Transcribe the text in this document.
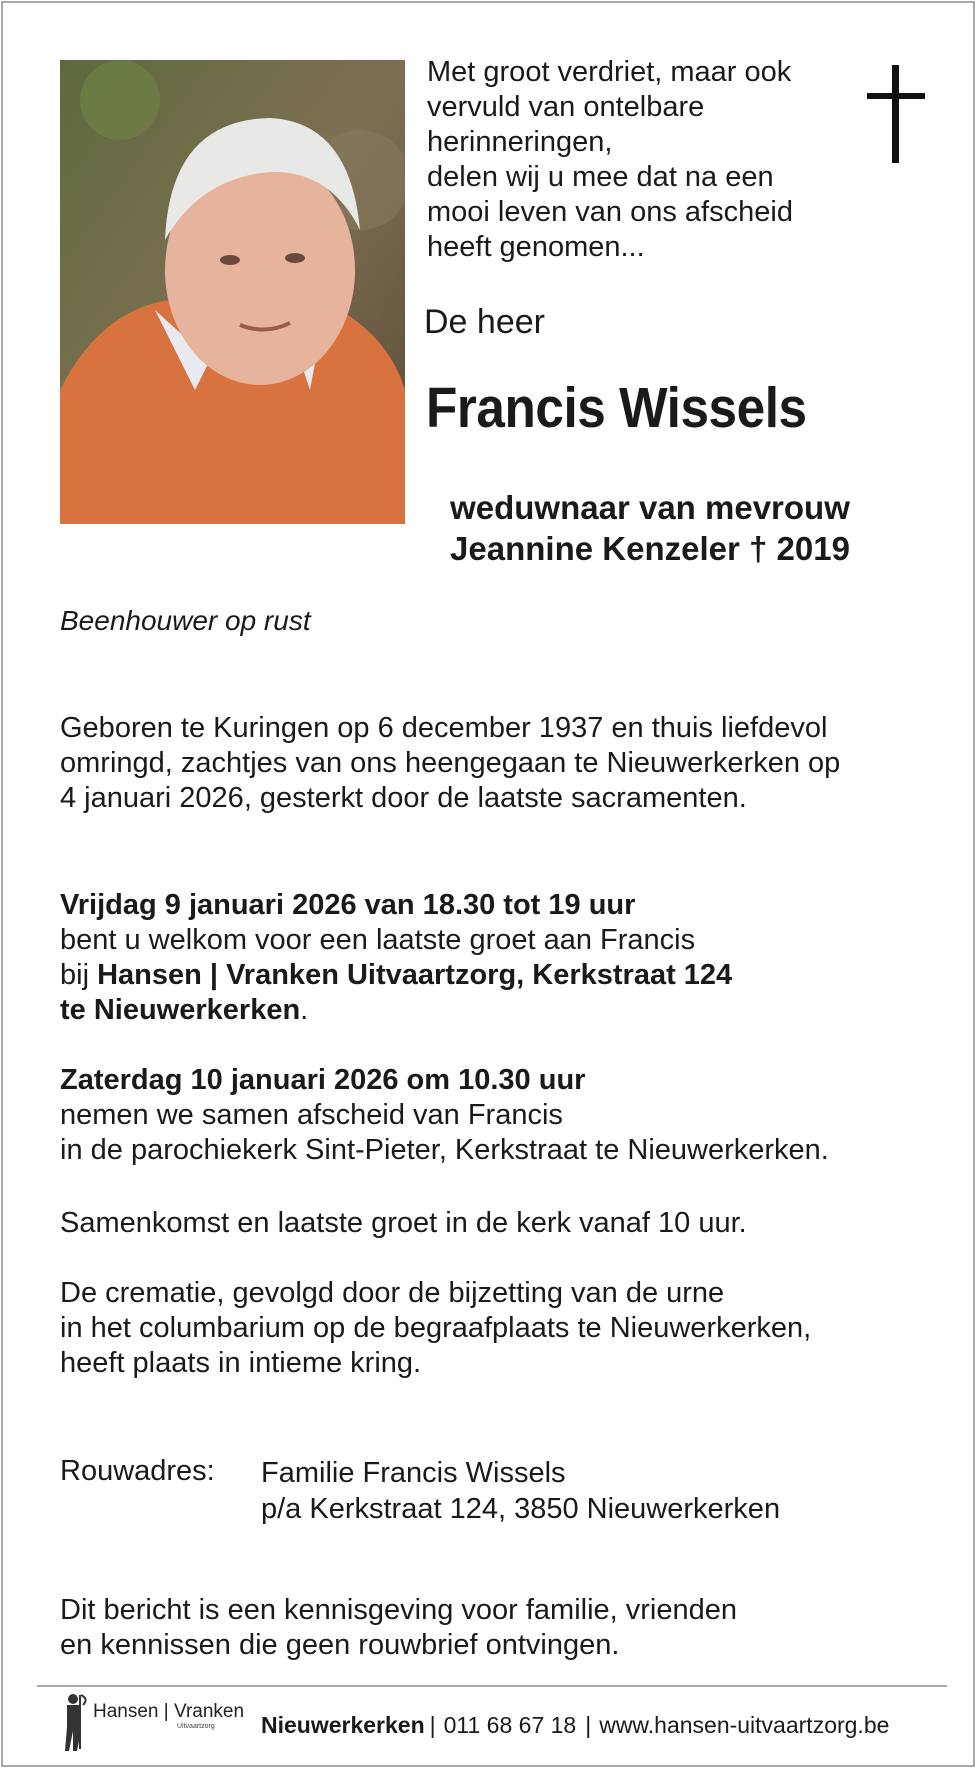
Met groot verdriet, maar ook
vervuld van ontelbare
herinneringen,
delen wij u mee dat na een
mooi leven van ons afscheid
heeft genomen...

De heer

Francis Wissels

weduwnaar van mevrouw
Jeannine Kenzeler † 2019

Beenhouwer op rust

Geboren te Kuringen op 6 december 1937 en thuis liefdevol
omringd, zachtjes van ons heengegaan te Nieuwerkerken op
4 januari 2026, gesterkt door de laatste sacramenten.

Vrijdag 9 januari 2026 van 18.30 tot 19 uur
bent u welkom voor een laatste groet aan Francis
bij Hansen | Vranken Uitvaartzorg, Kerkstraat 124
te Nieuwerkerken.

Zaterdag 10 januari 2026 om 10.30 uur
nemen we samen afscheid van Francis
in de parochiekerk Sint-Pieter, Kerkstraat te Nieuwerkerken.

Samenkomst en laatste groet in de kerk vanaf 10 uur.

De crematie, gevolgd door de bijzetting van de urne
in het columbarium op de begraafplaats te Nieuwerkerken,
heeft plaats in intieme kring.

Rouwadres: Familie Francis Wissels
p/a Kerkstraat 124, 3850 Nieuwerkerken

Dit bericht is een kennisgeving voor familie, vrienden
en kennissen die geen rouwbrief ontvingen.

Hansen | Vranken
Uitvaartzorg Nieuwerkerken | 011 68 67 18 | www.hansen-uitvaartzorg.be
